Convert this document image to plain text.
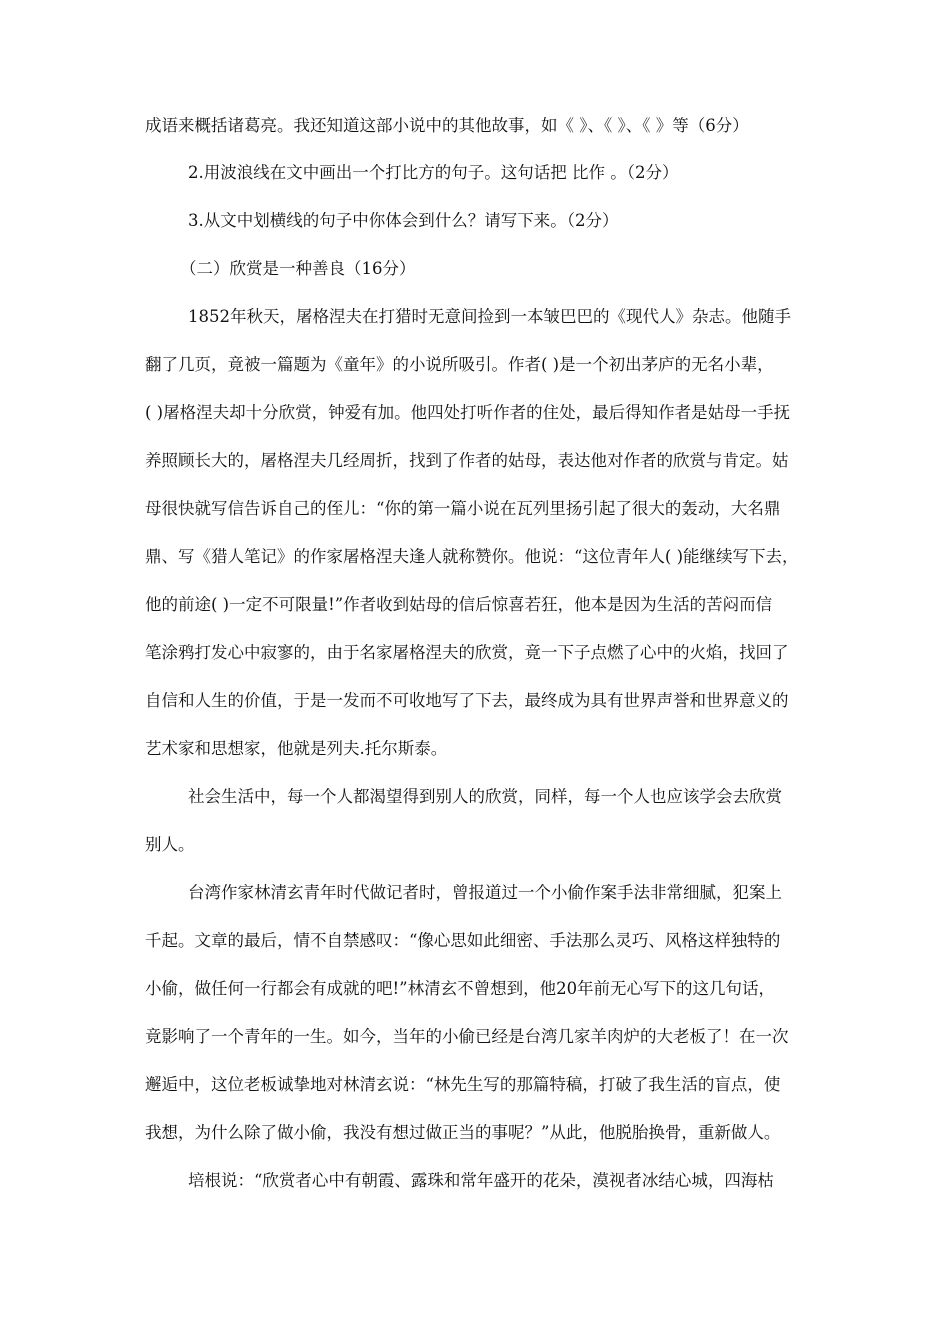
成语来概括诸葛亮。我还知道这部小说中的其他故事，如《 》、《 》、《 》等（6分）
2.用波浪线在文中画出一个打比方的句子。这句话把 比作 。（2分）
3.从文中划横线的句子中你体会到什么？请写下来。（2分）
（二）欣赏是一种善良（16分）
1852年秋天，屠格涅夫在打猎时无意间捡到一本皱巴巴的《现代人》杂志。他随手
翻了几页，竟被一篇题为《童年》的小说所吸引。作者( )是一个初出茅庐的无名小辈，
( )屠格涅夫却十分欣赏，钟爱有加。他四处打听作者的住处，最后得知作者是姑母一手抚
养照顾长大的，屠格涅夫几经周折，找到了作者的姑母，表达他对作者的欣赏与肯定。姑
母很快就写信告诉自己的侄儿：“你的第一篇小说在瓦列里扬引起了很大的轰动，大名鼎
鼎、写《猎人笔记》的作家屠格涅夫逢人就称赞你。他说：“这位青年人( )能继续写下去，
他的前途( )一定不可限量!”作者收到姑母的信后惊喜若狂，他本是因为生活的苦闷而信
笔涂鸦打发心中寂寥的，由于名家屠格涅夫的欣赏，竟一下子点燃了心中的火焰，找回了
自信和人生的价值，于是一发而不可收地写了下去，最终成为具有世界声誉和世界意义的
艺术家和思想家，他就是列夫.托尔斯泰。
社会生活中，每一个人都渴望得到别人的欣赏，同样，每一个人也应该学会去欣赏
别人。
台湾作家林清玄青年时代做记者时，曾报道过一个小偷作案手法非常细腻，犯案上
千起。文章的最后，情不自禁感叹：“像心思如此细密、手法那么灵巧、风格这样独特的
小偷，做任何一行都会有成就的吧!”林清玄不曾想到，他20年前无心写下的这几句话，
竟影响了一个青年的一生。如今，当年的小偷已经是台湾几家羊肉炉的大老板了！在一次
邂逅中，这位老板诚挚地对林清玄说：“林先生写的那篇特稿，打破了我生活的盲点，使
我想，为什么除了做小偷，我没有想过做正当的事呢？”从此，他脱胎换骨，重新做人。
培根说：“欣赏者心中有朝霞、露珠和常年盛开的花朵，漠视者冰结心城，四海枯
